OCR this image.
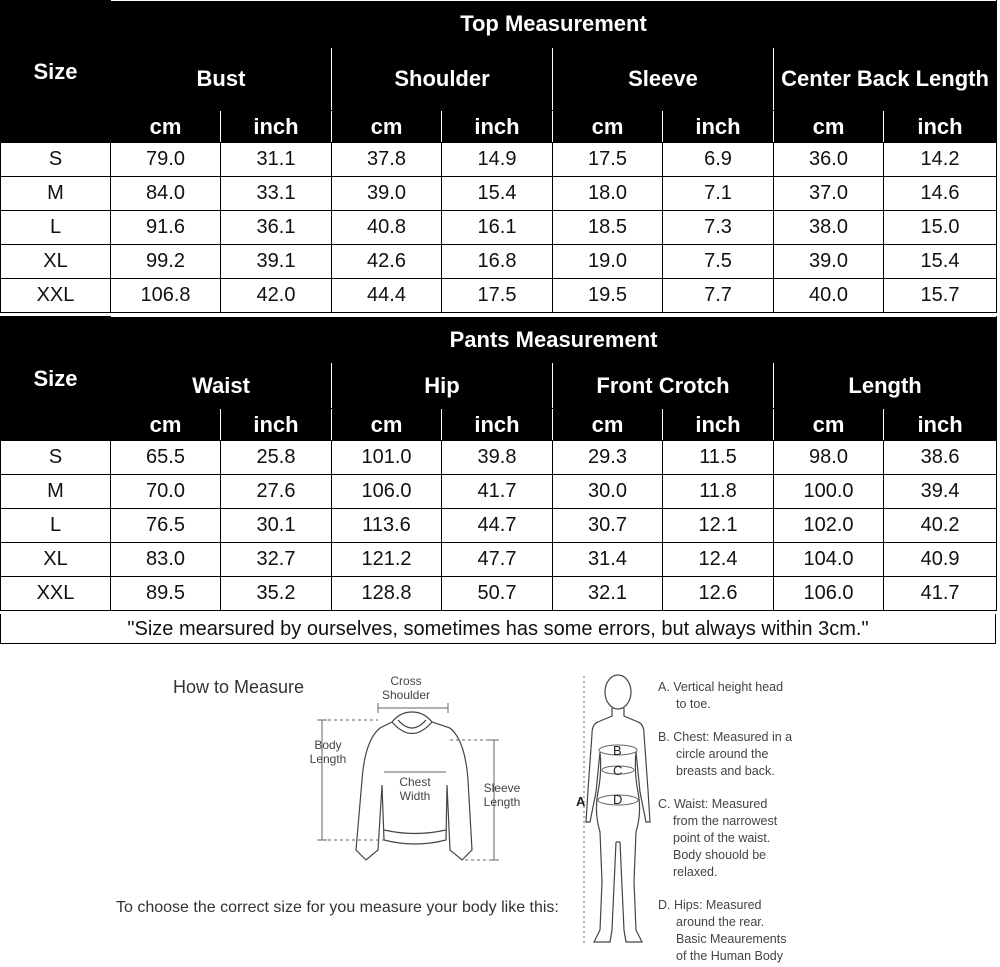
Size	Top Measurement							
	Bust		Shoulder		Sleeve		Center Back Length	
	cm	inch	cm	inch	cm	inch	cm	inch
S	79.0	31.1	37.8	14.9	17.5	6.9	36.0	14.2
M	84.0	33.1	39.0	15.4	18.0	7.1	37.0	14.6
L	91.6	36.1	40.8	16.1	18.5	7.3	38.0	15.0
XL	99.2	39.1	42.6	16.8	19.0	7.5	39.0	15.4
XXL	106.8	42.0	44.4	17.5	19.5	7.7	40.0	15.7
Size	Pants Measurement							
	Waist		Hip		Front Crotch		Length	
	cm	inch	cm	inch	cm	inch	cm	inch
S	65.5	25.8	101.0	39.8	29.3	11.5	98.0	38.6
M	70.0	27.6	106.0	41.7	30.0	11.8	100.0	39.4
L	76.5	30.1	113.6	44.7	30.7	12.1	102.0	40.2
XL	83.0	32.7	121.2	47.7	31.4	12.4	104.0	40.9
XXL	89.5	35.2	128.8	50.7	32.1	12.6	106.0	41.7
"Size mearsured by ourselves, sometimes has some errors, but always within 3cm."
How to Measure	Cross
Shoulder
Body
Length
Chest
Width
Sleeve
Length
To choose the correct size for you measure your body like this:
A
B
C
D
A. Vertical height head
to toe.
B. Chest: Measured in a
circle around the
breasts and back.
C. Waist: Measured
from the narrowest
point of the waist.
Body shouold be
relaxed.
D. Hips: Measured
around the rear.
Basic Meaurements
of the Human Body
